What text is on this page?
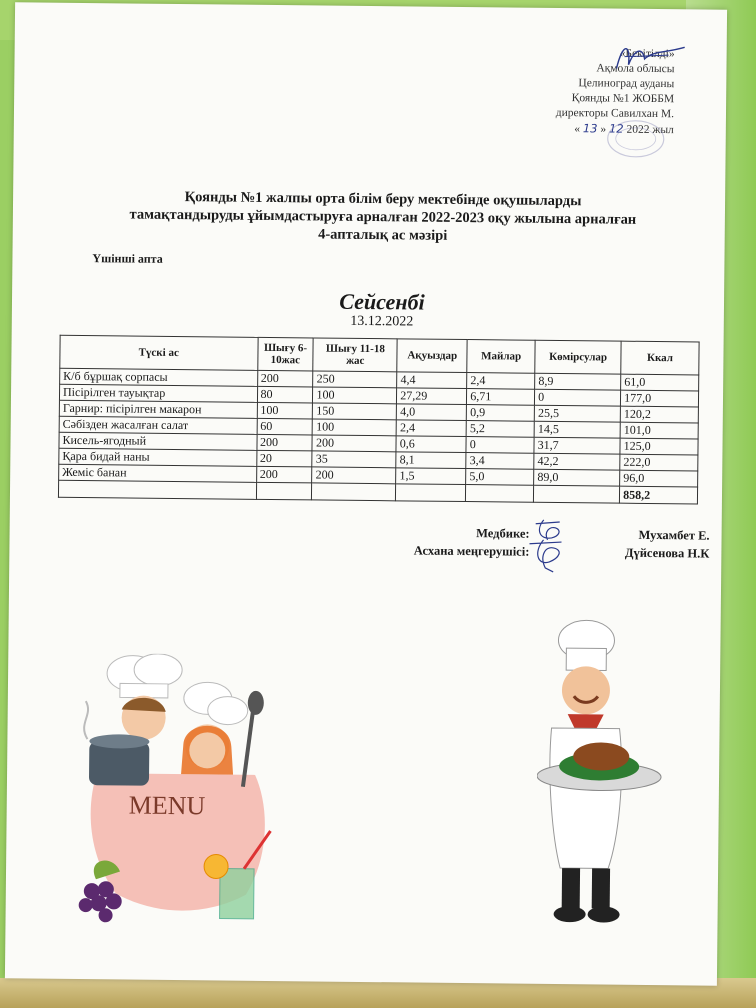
«Бекітілді»
Ақмола облысы
Целиноград ауданы
Қоянды №1 ЖОББМ
директоры Савилхан М.
« 13 » 12 2022 жыл
Қоянды №1 жалпы орта білім беру мектебінде оқушыларды
тамақтандыруды ұйымдастыруға арналған 2022-2023 оқу жылына арналған
4-апталық ас мәзірі
Үшінші апта
Сейсенбі
13.12.2022
Түскі ас	Шығу 6-10жас	Шығу 11-18 жас	Ақуыздар	Майлар	Көмірсулар	Ккал
К/б бұршақ сорпасы	200	250	4,4	2,4	8,9	61,0
Пісірілген тауықтар	80	100	27,29	6,71	0	177,0
Гарнир: пісірілген макарон	100	150	4,0	0,9	25,5	120,2
Сәбізден жасалған салат	60	100	2,4	5,2	14,5	101,0
Кисель-ягодный	200	200	0,6	0	31,7	125,0
Қара бидай наны	20	35	8,1	3,4	42,2	222,0
Жеміс банан	200	200	1,5	5,0	89,0	96,0
						858,2
Медбике:	Мухамбет Е.
Асхана меңгерушісі:	Дүйсенова Н.К
MENU
